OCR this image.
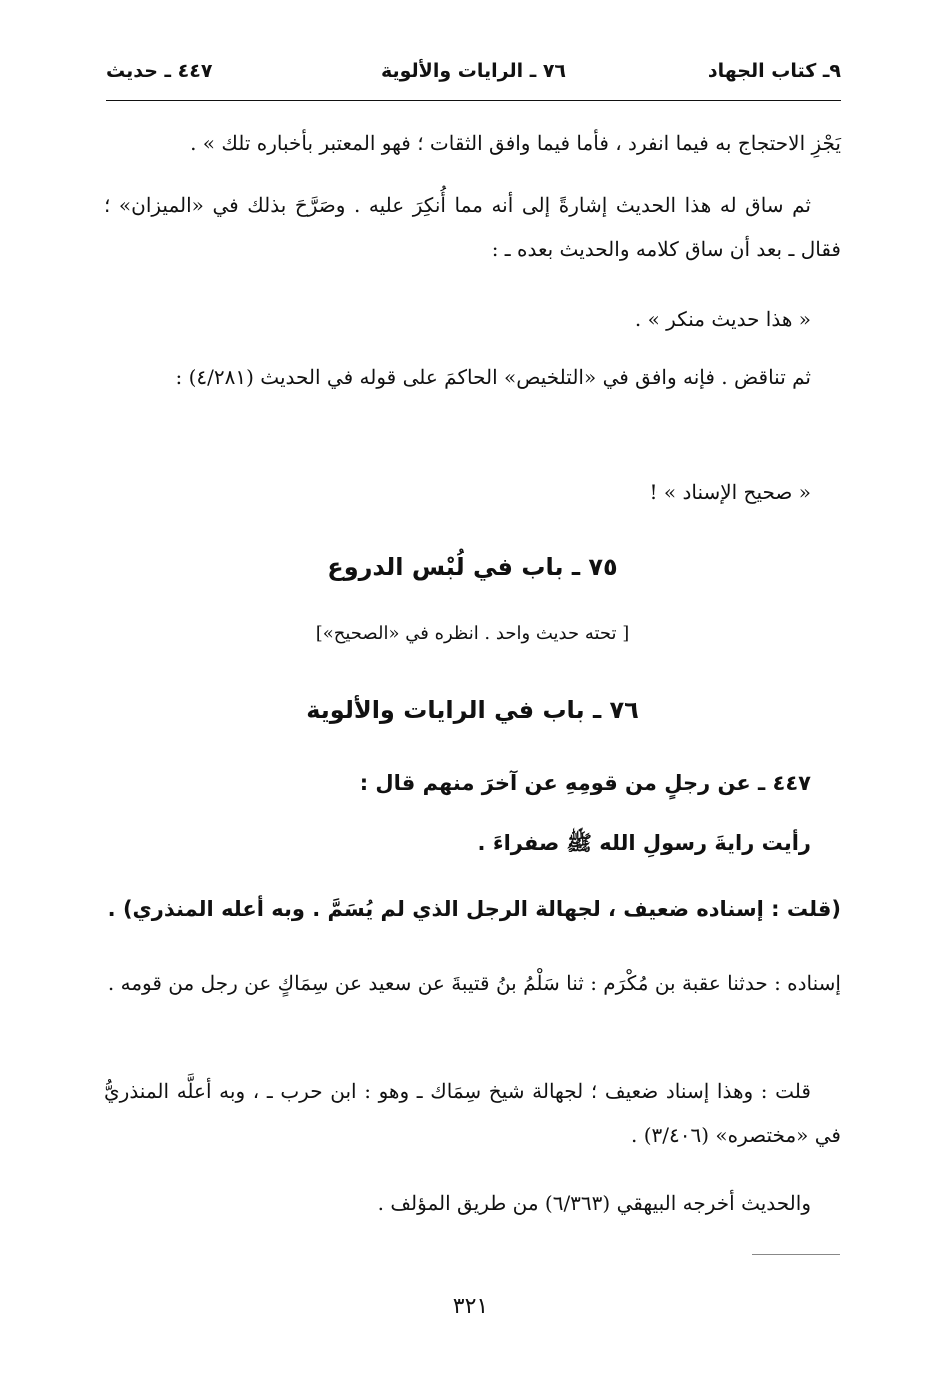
٩ـ كتاب الجهاد
٧٦ ـ الرايات والألوية
٤٤٧ ـ حديث
يَجْزِ الاحتجاج به فيما انفرد ، فأما فيما وافق الثقات ؛ فهو المعتبر بأخباره تلك » .
ثم ساق له هذا الحديث إشارةً إلى أنه مما أُنكِرَ عليه . وصَرَّحَ بذلك في «الميزان» ؛ فقال ـ بعد أن ساق كلامه والحديث بعده ـ :
« هذا حديث منكر » .
ثم تناقض . فإنه وافق في «التلخيص» الحاكمَ على قوله في الحديث (٤/٢٨١) :
« صحيح الإسناد » !
٧٥ ـ باب في لُبْس الدروع
[ تحته حديث واحد . انظره في «الصحيح»]
٧٦ ـ باب في الرايات والألوية
٤٤٧ ـ عن رجلٍ من قومِهِ عن آخرَ منهم قال :
رأيت رايةَ رسولِ الله ﷺ صفراءَ .
(قلت : إسناده ضعيف ، لجهالة الرجل الذي لم يُسَمَّ . وبه أعله المنذري) .
إسناده : حدثنا عقبة بن مُكْرَم : ثنا سَلْمُ بنُ قتيبةَ عن سعيد عن سِمَاكٍ عن رجل من قومه .
قلت : وهذا إسناد ضعيف ؛ لجهالة شيخ سِمَاك ـ وهو : ابن حرب ـ ، وبه أعلَّه المنذريُّ في «مختصره» (٣/٤٠٦) .
والحديث أخرجه البيهقي (٦/٣٦٣) من طريق المؤلف .
٣٢١
